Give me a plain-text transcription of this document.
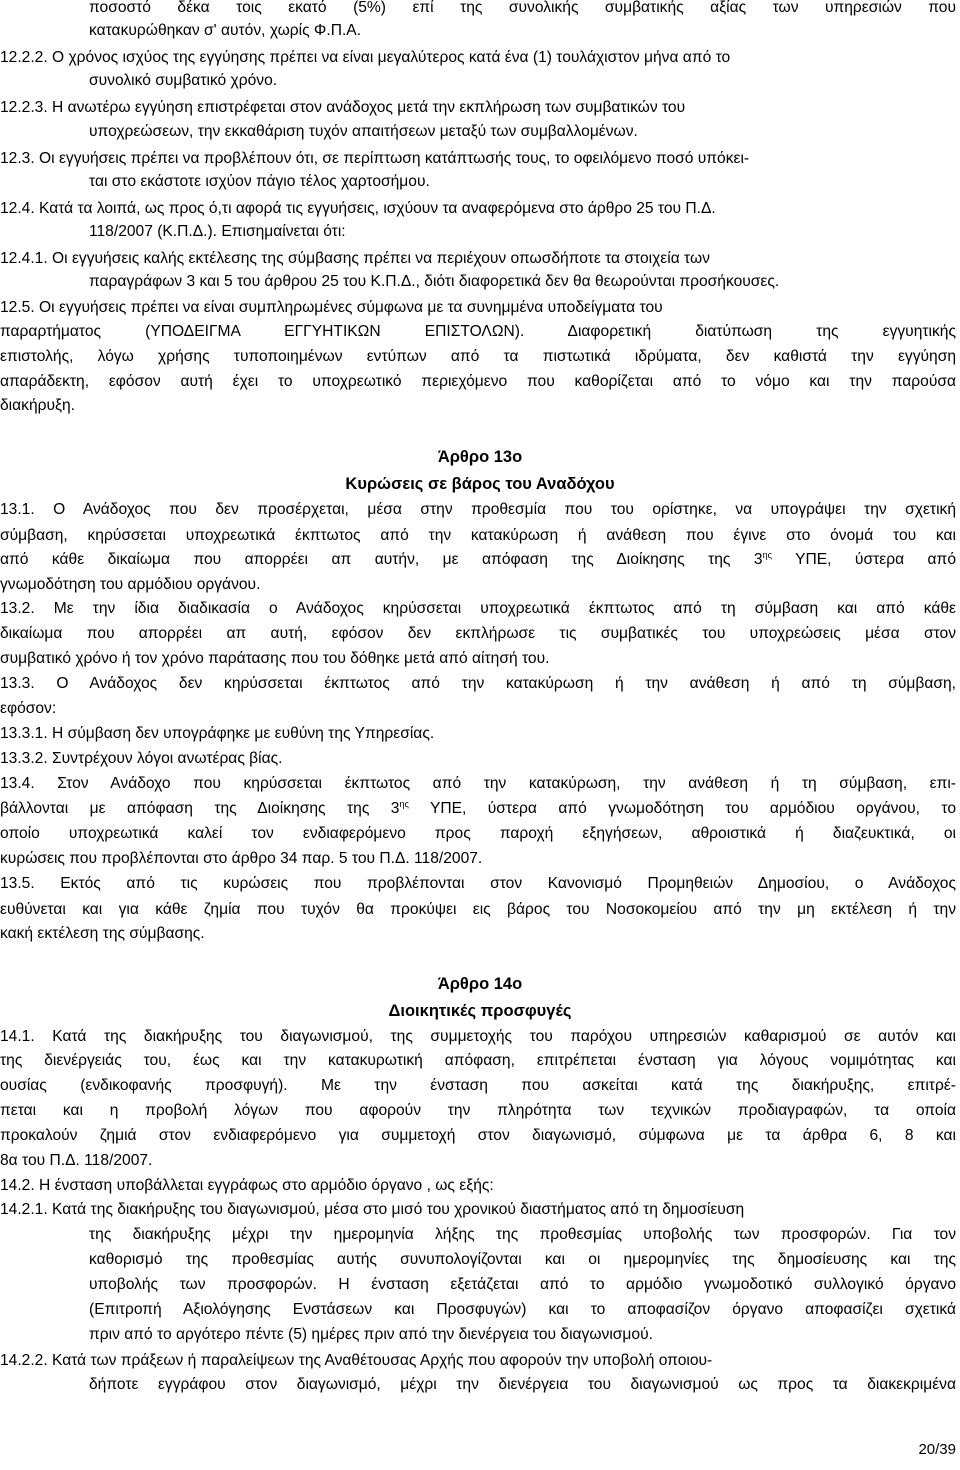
ποσοστό δέκα τοις εκατό (5%) επί της συνολικής συμβατικής αξίας των υπηρεσιών που
κατακυρώθηκαν σ' αυτόν, χωρίς Φ.Π.Α.
12.2.2. Ο χρόνος ισχύος της εγγύησης πρέπει να είναι μεγαλύτερος κατά ένα (1) τουλάχιστον μήνα από το
συνολικό συμβατικό χρόνο.
12.2.3. Η ανωτέρω εγγύηση επιστρέφεται στον ανάδοχος μετά την εκπλήρωση των συμβατικών του
υποχρεώσεων, την εκκαθάριση τυχόν απαιτήσεων μεταξύ των συμβαλλομένων.
12.3. Οι εγγυήσεις πρέπει να προβλέπουν ότι, σε περίπτωση κατάπτωσής τους, το οφειλόμενο ποσό υπόκει-
ται στο εκάστοτε ισχύον πάγιο τέλος χαρτοσήμου.
12.4. Κατά τα λοιπά, ως προς ό,τι αφορά τις εγγυήσεις, ισχύουν τα αναφερόμενα στο άρθρο 25 του Π.Δ.
118/2007 (Κ.Π.Δ.). Επισημαίνεται ότι:
12.4.1. Οι εγγυήσεις καλής εκτέλεσης της σύμβασης πρέπει να περιέχουν οπωσδήποτε τα στοιχεία των
παραγράφων 3 και 5 του άρθρου 25 του Κ.Π.Δ., διότι διαφορετικά δεν θα θεωρούνται προσήκουσες.
12.5. Οι εγγυήσεις πρέπει να είναι συμπληρωμένες σύμφωνα με τα συνημμένα υποδείγματα του
παραρτήματος (ΥΠΟΔΕΙΓΜΑ ΕΓΓΥΗΤΙΚΩΝ ΕΠΙΣΤΟΛΩΝ). Διαφορετική διατύπωση της εγγυητικής
επιστολής, λόγω χρήσης τυποποιημένων εντύπων από τα πιστωτικά ιδρύματα, δεν καθιστά την εγγύηση
απαράδεκτη, εφόσον αυτή έχει το υποχρεωτικό περιεχόμενο που καθορίζεται από το νόμο και την παρούσα
διακήρυξη.
Άρθρο 13ο
Κυρώσεις σε βάρος του Αναδόχου
13.1. Ο Ανάδοχος που δεν προσέρχεται, μέσα στην προθεσμία που του ορίστηκε, να υπογράψει την σχετική
σύμβαση, κηρύσσεται υποχρεωτικά έκπτωτος από την κατακύρωση ή ανάθεση που έγινε στο όνομά του και
από κάθε δικαίωμα που απορρέει απ αυτήν, με απόφαση της Διοίκησης της $3^{\eta\varsigma}$ ΥΠΕ, ύστερα από
γνωμοδότηση του αρμόδιου οργάνου.
13.2. Με την ίδια διαδικασία ο Ανάδοχος κηρύσσεται υποχρεωτικά έκπτωτος από τη σύμβαση και από κάθε
δικαίωμα που απορρέει απ αυτή, εφόσον δεν εκπλήρωσε τις συμβατικές του υποχρεώσεις μέσα στον
συμβατικό χρόνο ή τον χρόνο παράτασης που του δόθηκε μετά από αίτησή του.
13.3. Ο Ανάδοχος δεν κηρύσσεται έκπτωτος από την κατακύρωση ή την ανάθεση ή από τη σύμβαση,
εφόσον:
13.3.1. Η σύμβαση δεν υπογράφηκε με ευθύνη της Υπηρεσίας.
13.3.2. Συντρέχουν λόγοι ανωτέρας βίας.
13.4. Στον Ανάδοχο που κηρύσσεται έκπτωτος από την κατακύρωση, την ανάθεση ή τη σύμβαση, επι-
βάλλονται με απόφαση της Διοίκησης της $3^{\eta\varsigma}$ ΥΠΕ, ύστερα από γνωμοδότηση του αρμόδιου οργάνου, το
οποίο υποχρεωτικά καλεί τον ενδιαφερόμενο προς παροχή εξηγήσεων, αθροιστικά ή διαζευκτικά, οι
κυρώσεις που προβλέπονται στο άρθρο 34 παρ. 5 του Π.Δ. 118/2007.
13.5. Εκτός από τις κυρώσεις που προβλέπονται στον Κανονισμό Προμηθειών Δημοσίου, ο Ανάδοχος
ευθύνεται και για κάθε ζημία που τυχόν θα προκύψει εις βάρος του Νοσοκομείου από την μη εκτέλεση ή την
κακή εκτέλεση της σύμβασης.
Άρθρο 14ο
Διοικητικές προσφυγές
14.1. Κατά της διακήρυξης του διαγωνισμού, της συμμετοχής του παρόχου υπηρεσιών καθαρισμού σε αυτόν και
της διενέργειάς του, έως και την κατακυρωτική απόφαση, επιτρέπεται ένσταση για λόγους νομιμότητας και
ουσίας (ενδικοφανής προσφυγή). Με την ένσταση που ασκείται κατά της διακήρυξης, επιτρέ-
πεται και η προβολή λόγων που αφορούν την πληρότητα των τεχνικών προδιαγραφών, τα οποία
προκαλούν ζημιά στον ενδιαφερόμενο για συμμετοχή στον διαγωνισμό, σύμφωνα με τα άρθρα 6, 8 και
8α του Π.Δ. 118/2007.
14.2. Η ένσταση υποβάλλεται εγγράφως στο αρμόδιο όργανο , ως εξής:
14.2.1. Κατά της διακήρυξης του διαγωνισμού, μέσα στο μισό του χρονικού διαστήματος από τη δημοσίευση
της διακήρυξης μέχρι την ημερομηνία λήξης της προθεσμίας υποβολής των προσφορών. Για τον
καθορισμό της προθεσμίας αυτής συνυπολογίζονται και οι ημερομηνίες της δημοσίευσης και της
υποβολής των προσφορών. Η ένσταση εξετάζεται από το αρμόδιο γνωμοδοτικό συλλογικό όργανο
(Επιτροπή Αξιολόγησης Ενστάσεων και Προσφυγών) και το αποφασίζον όργανο αποφασίζει σχετικά
πριν από το αργότερο πέντε (5) ημέρες πριν από την διενέργεια του διαγωνισμού.
14.2.2. Κατά των πράξεων ή παραλείψεων της Αναθέτουσας Αρχής που αφορούν την υποβολή οποιου-
δήποτε εγγράφου στον διαγωνισμό, μέχρι την διενέργεια του διαγωνισμού ως προς τα διακεκριμένα
20/39
